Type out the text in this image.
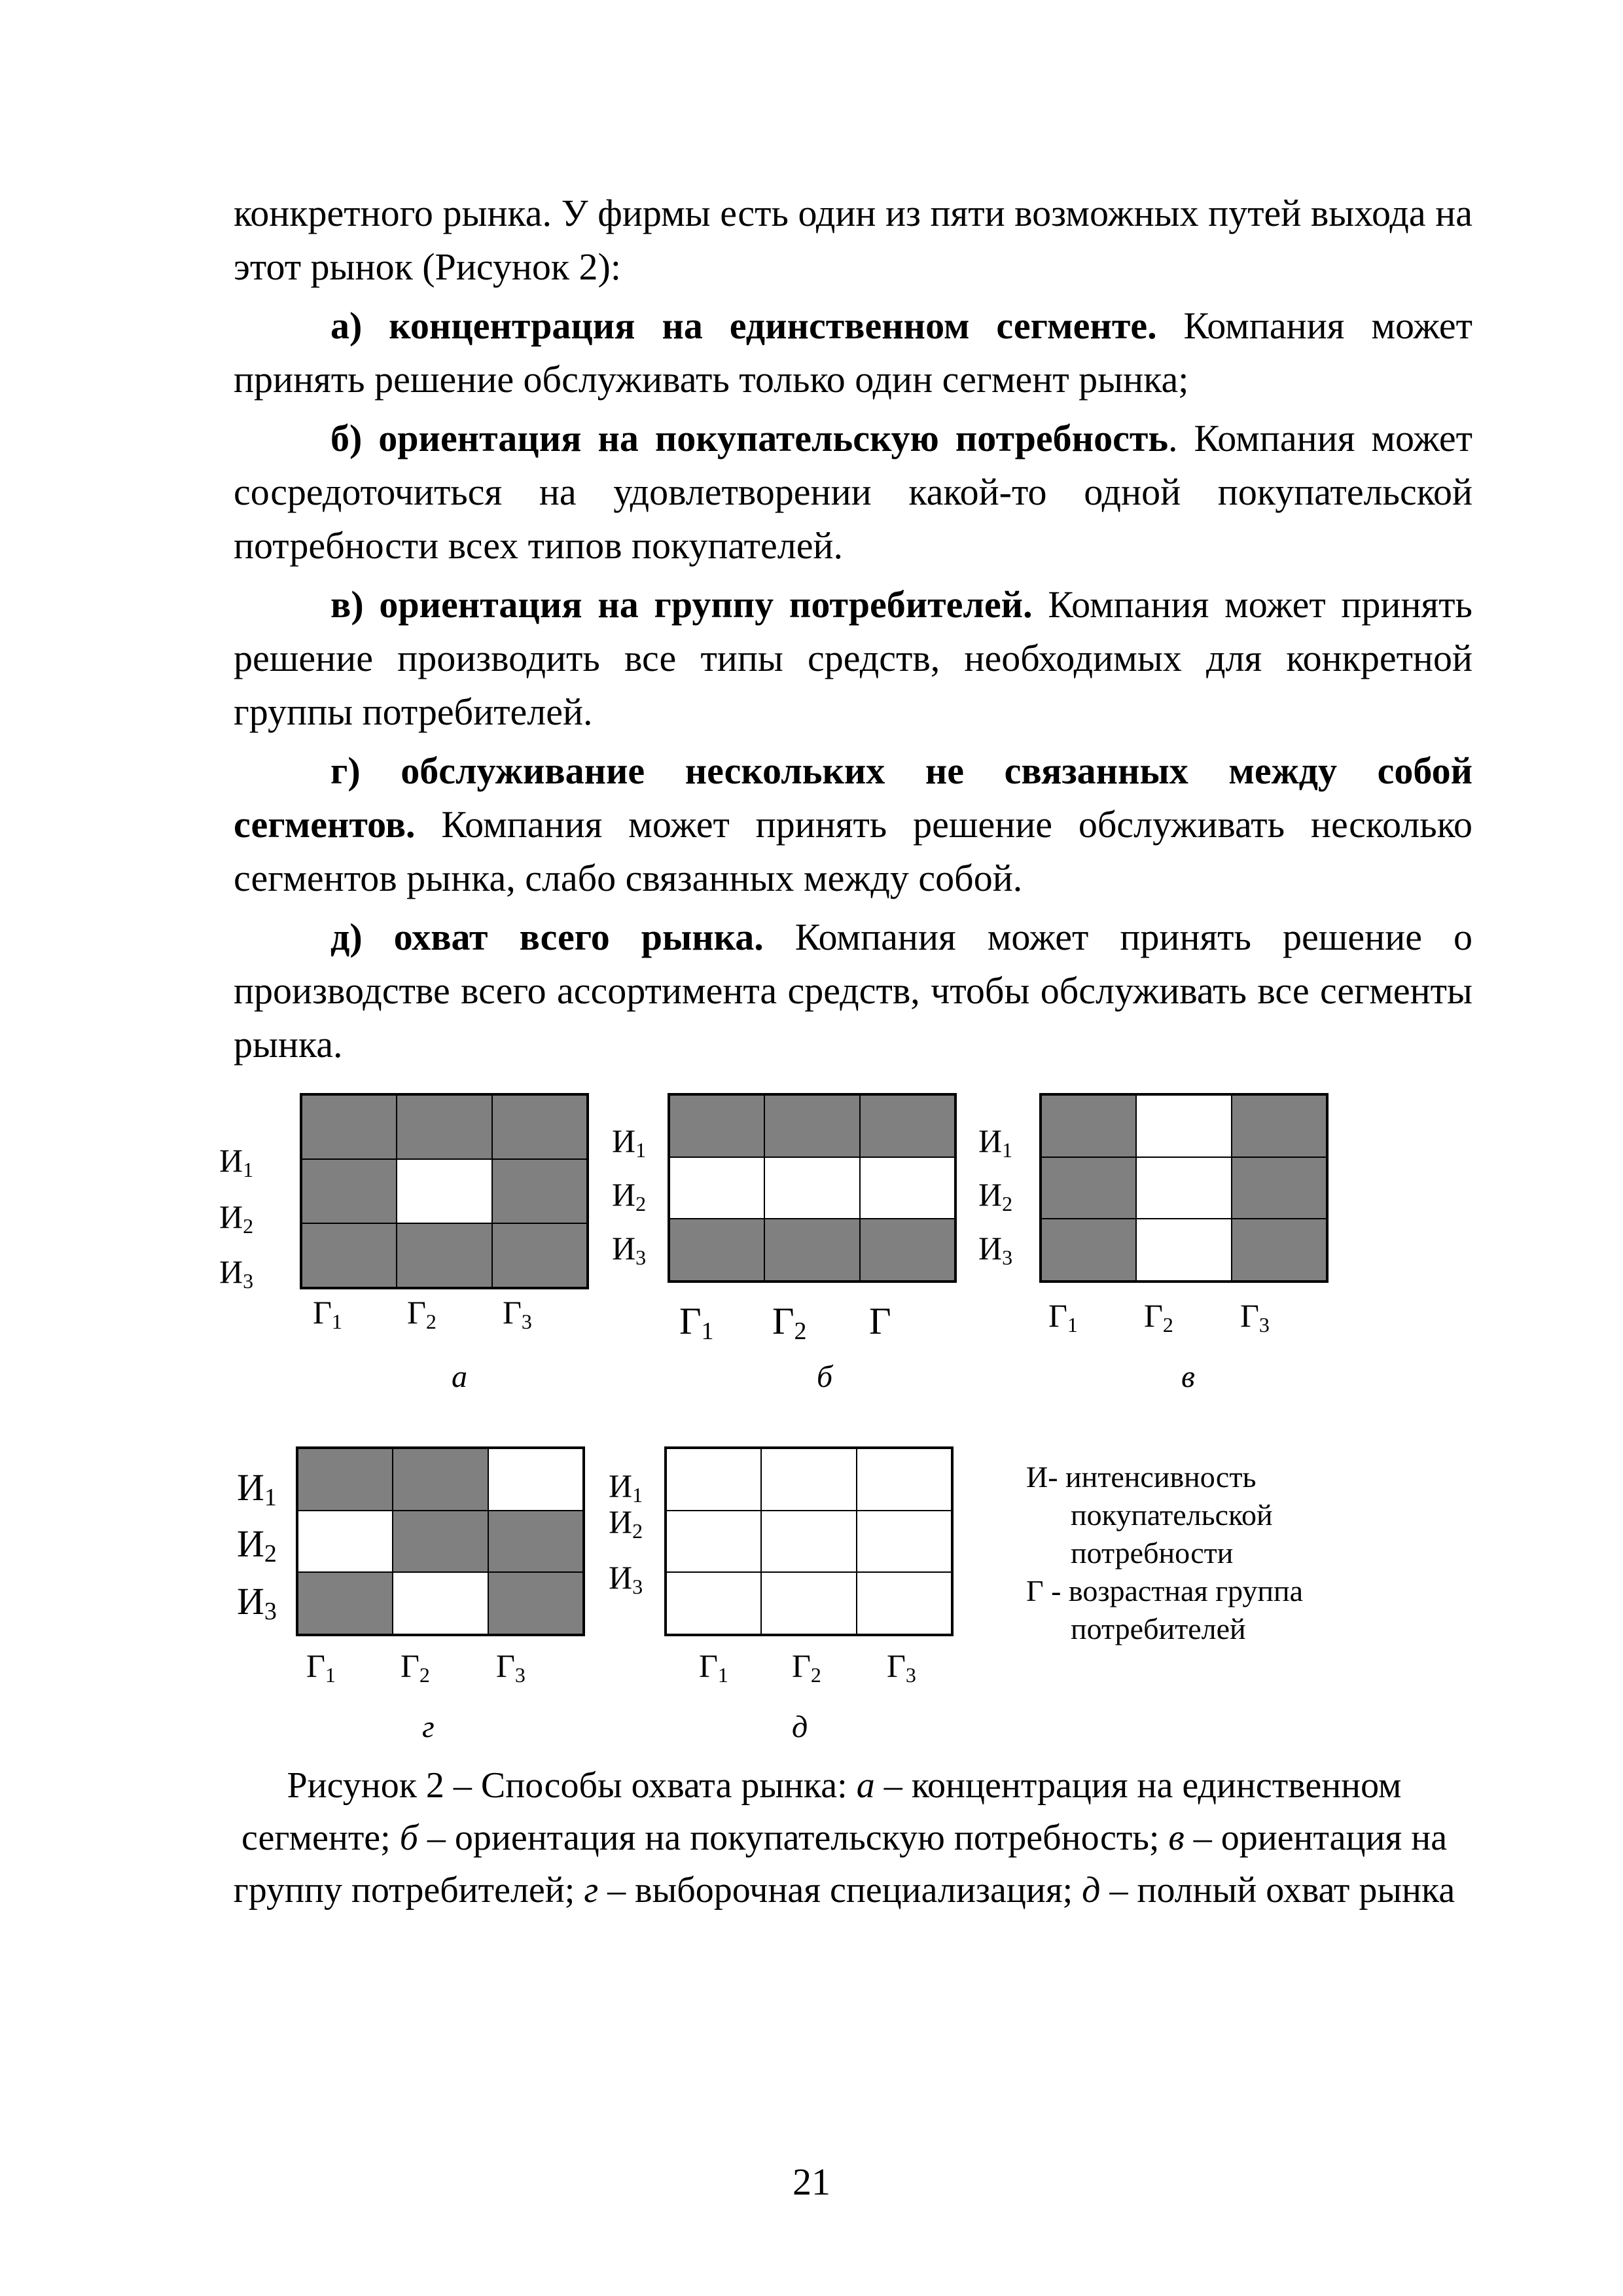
конкретного рынка. У фирмы есть один из пяти возможных путей выхода на этот рынок (Рисунок 2):
а) концентрация на единственном сегменте. Компания может принять решение обслуживать только один сегмент рынка;
б) ориентация на покупательскую потребность. Компания может сосредоточиться на удовлетворении какой-то одной покупательской потребности всех типов покупателей.
в) ориентация на группу потребителей. Компания может принять решение производить все типы средств, необходимых для конкретной группы потребителей.
г) обслуживание нескольких не связанных между собой сегментов. Компания может принять решение обслуживать несколько сегментов рынка, слабо связанных между собой.
д) охват всего рынка. Компания может принять решение о производстве всего ассортимента средств, чтобы обслуживать все сегменты рынка.
$И_1$
$И_2$
$И_3$
$Г_1$ $Г_2$ $Г_3$
а
$И_1$
$И_2$
$И_3$
$Г_1$ $Г_2$ Г
б
$И_1$
$И_2$
$И_3$
$Г_1$ $Г_2$ $Г_3$
в
$И_1$
$И_2$
$И_3$
$Г_1$ $Г_2$ $Г_3$
г
$И_1$
$И_2$
$И_3$
$Г_1$ $Г_2$ $Г_3$
д
И- интенсивность
покупательской
потребности
Г - возрастная группа
потребителей
Рисунок 2 – Способы охвата рынка: а – концентрация на единственном сегменте; б – ориентация на покупательскую потребность; в – ориентация на группу потребителей; г – выборочная специализация; д – полный охват рынка
21
